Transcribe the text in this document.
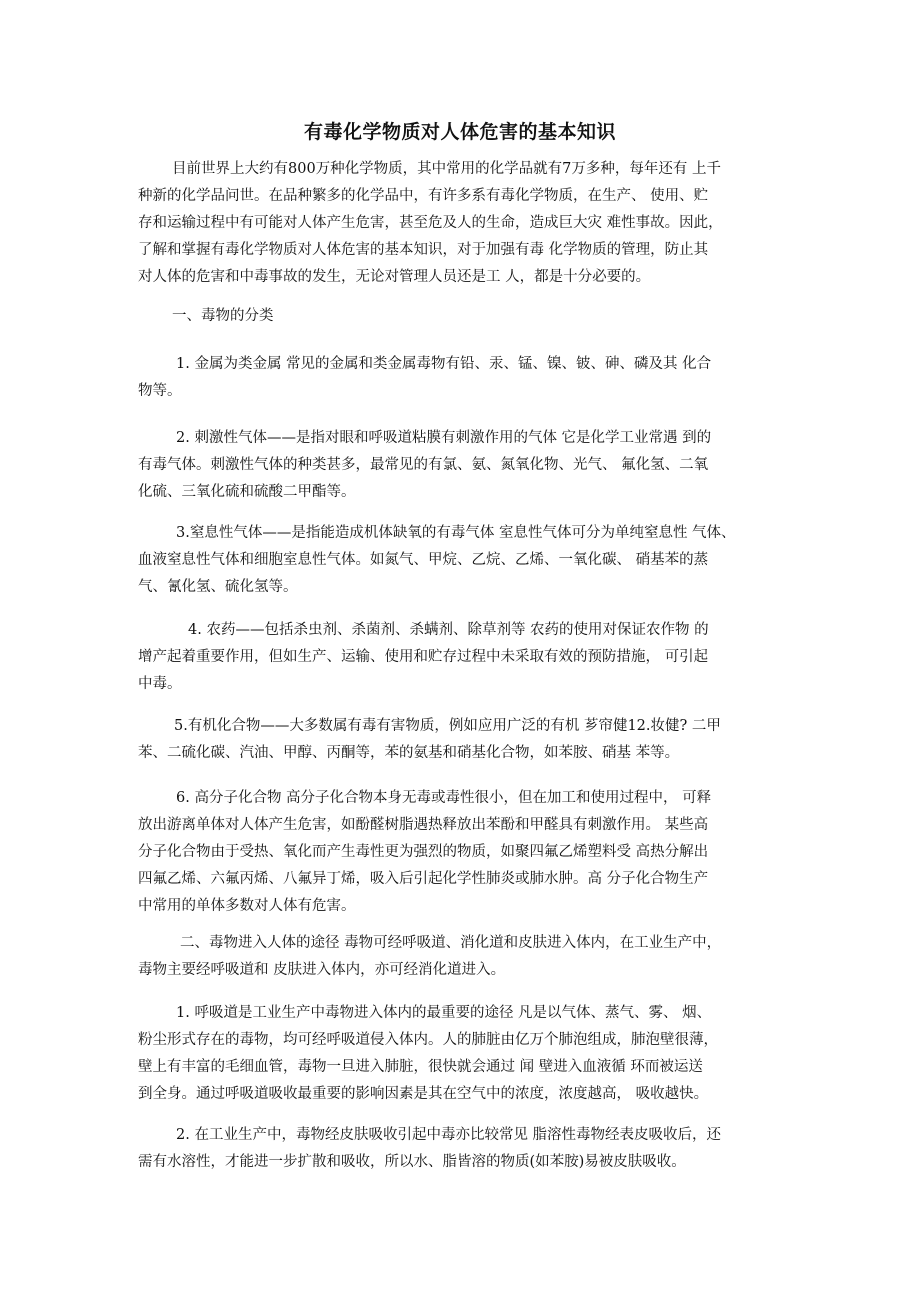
有毒化学物质对人体危害的基本知识

目前世界上大约有800万种化学物质，其中常用的化学品就有7万多种，每年还有 上千
种新的化学品问世。在品种繁多的化学品中，有许多系有毒化学物质，在生产、 使用、贮
存和运输过程中有可能对人体产生危害，甚至危及人的生命，造成巨大灾 难性事故。因此，
了解和掌握有毒化学物质对人体危害的基本知识，对于加强有毒 化学物质的管理，防止其
对人体的危害和中毒事故的发生，无论对管理人员还是工 人，都是十分必要的。

一、毒物的分类

1. 金属为类金属 常见的金属和类金属毒物有铅、汞、锰、镍、铍、砷、磷及其 化合
物等。

2. 刺激性气体——是指对眼和呼吸道粘膜有刺激作用的气体 它是化学工业常遇 到的
有毒气体。刺激性气体的种类甚多，最常见的有氯、氨、氮氧化物、光气、 氟化氢、二氧
化硫、三氧化硫和硫酸二甲酯等。

3.窒息性气体——是指能造成机体缺氧的有毒气体 室息性气体可分为单纯窒息性 气体、
血液窒息性气体和细胞室息性气体。如氮气、甲烷、乙烷、乙烯、一氧化碳、 硝基苯的蒸
气、氰化氢、硫化氢等。

4. 农药——包括杀虫剂、杀菌剂、杀螨剂、除草剂等 农药的使用对保证农作物 的
增产起着重要作用，但如生产、运输、使用和贮存过程中未采取有效的预防措施， 可引起
中毒。

5.有机化合物——大多数属有毒有害物质，例如应用广泛的有机 芗帘健12.妆健? 二甲
苯、二硫化碳、汽油、甲醇、丙酮等，苯的氨基和硝基化合物，如苯胺、硝基 苯等。

6. 高分子化合物 高分子化合物本身无毒或毒性很小，但在加工和使用过程中， 可释
放出游离单体对人体产生危害，如酚醛树脂遇热释放出苯酚和甲醛具有刺激作用。 某些高
分子化合物由于受热、氧化而产生毒性更为强烈的物质，如聚四氟乙烯塑料受 高热分解出
四氟乙烯、六氟丙烯、八氟异丁烯，吸入后引起化学性肺炎或肺水肿。高 分子化合物生产
中常用的单体多数对人体有危害。

二、毒物进入人体的途径 毒物可经呼吸道、消化道和皮肤进入体内，在工业生产中，
毒物主要经呼吸道和 皮肤进入体内，亦可经消化道进入。

1. 呼吸道是工业生产中毒物进入体内的最重要的途径 凡是以气体、蒸气、雾、 烟、
粉尘形式存在的毒物，均可经呼吸道侵入体内。人的肺脏由亿万个肺泡组成，肺泡壁很薄，
壁上有丰富的毛细血管，毒物一旦进入肺脏，很快就会通过 闻 壁进入血液循 环而被运送
到全身。通过呼吸道吸收最重要的影响因素是其在空气中的浓度，浓度越高， 吸收越快。

2. 在工业生产中，毒物经皮肤吸收引起中毒亦比较常见 脂溶性毒物经表皮吸收后，还
需有水溶性，才能进一步扩散和吸收，所以水、脂皆溶的物质(如苯胺)易被皮肤吸收。
